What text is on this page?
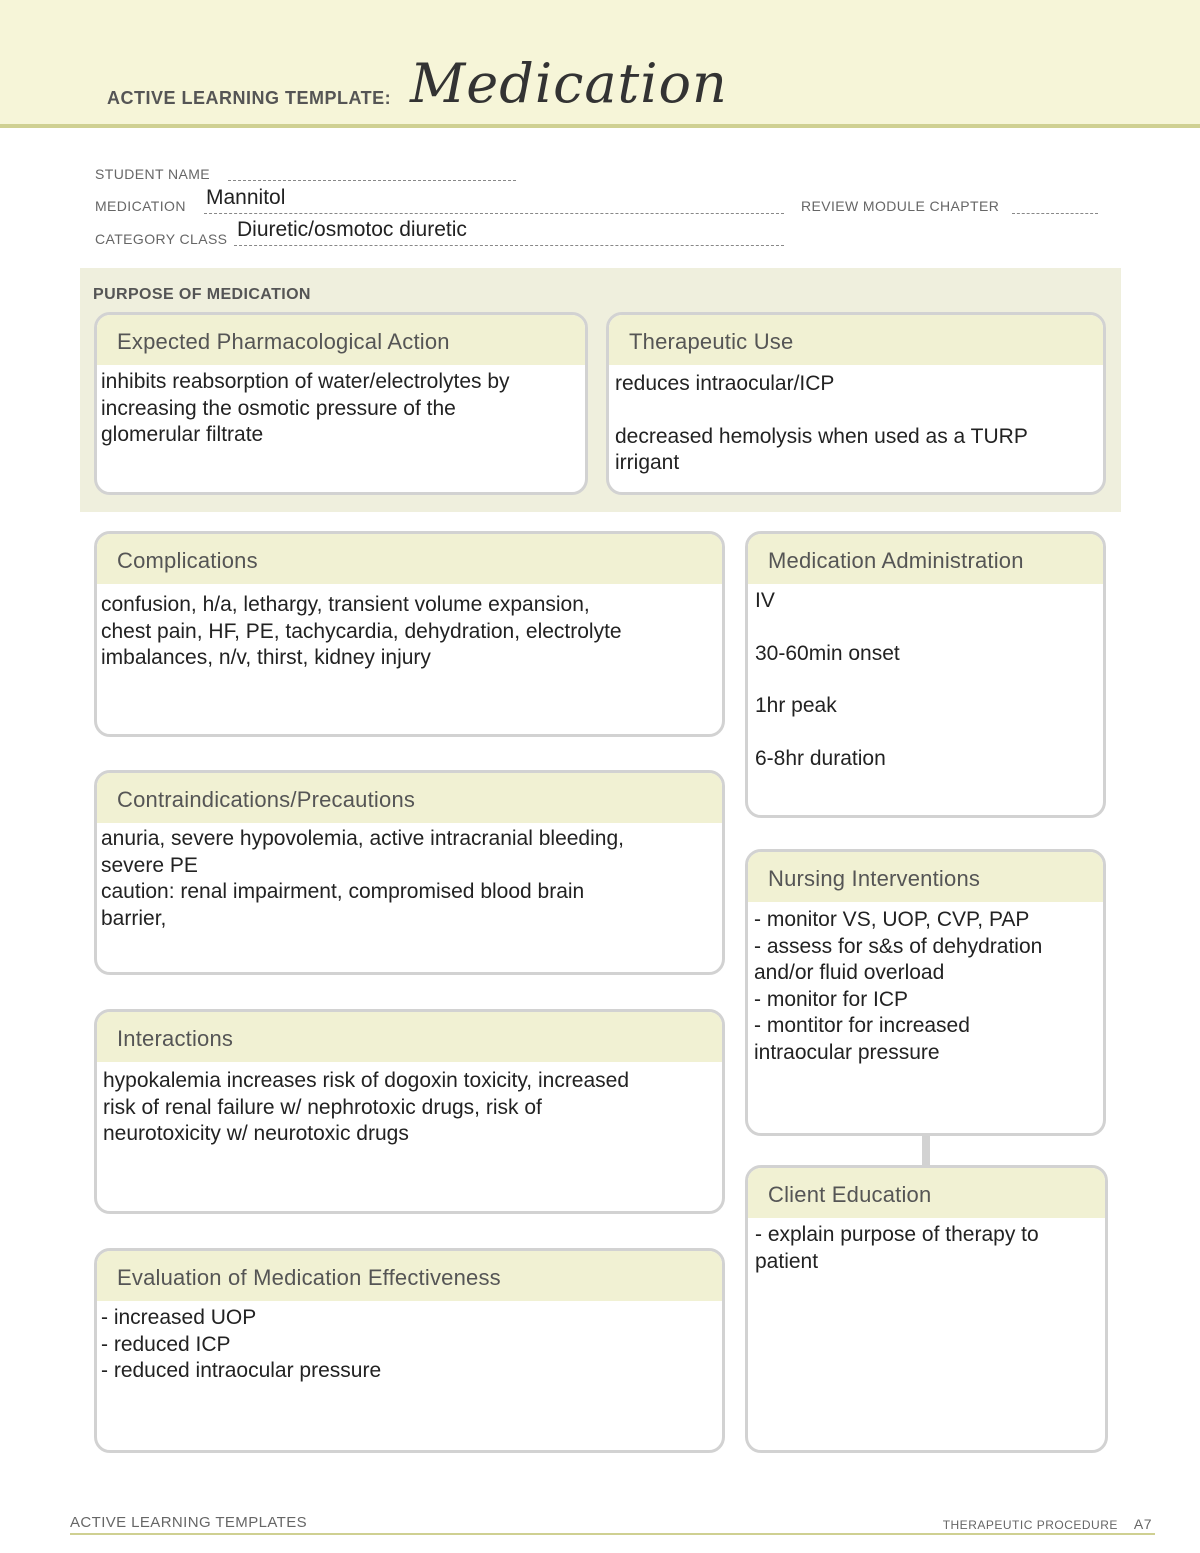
ACTIVE LEARNING TEMPLATE: Medication
STUDENT NAME
MEDICATION Mannitol	REVIEW MODULE CHAPTER
CATEGORY CLASS Diuretic/osmotoc diuretic
PURPOSE OF MEDICATION
Expected Pharmacological Action

inhibits reabsorption of water/electrolytes by

increasing the osmotic pressure of the

glomerular filtrate

Therapeutic Use

reduces intraocular/ICP

decreased hemolysis when used as a TURP

irrigant

Complications

confusion, h/a, lethargy, transient volume expansion,

chest pain, HF, PE, tachycardia, dehydration, electrolyte

imbalances, n/v, thirst, kidney injury

Contraindications/Precautions

anuria, severe hypovolemia, active intracranial bleeding,

severe PE

caution: renal impairment, compromised blood brain

barrier,

Interactions

hypokalemia increases risk of dogoxin toxicity, increased

risk of renal failure w/ nephrotoxic drugs, risk of

neurotoxicity w/ neurotoxic drugs

Evaluation of Medication Effectiveness

- increased UOP

- reduced ICP

- reduced intraocular pressure

Medication Administration

IV

30-60min onset

1hr peak

6-8hr duration

Nursing Interventions

- monitor VS, UOP, CVP, PAP

- assess for s&s of dehydration

and/or fluid overload

- monitor for ICP

- montitor for increased

intraocular pressure

Client Education

- explain purpose of therapy to

patient

ACTIVE LEARNING TEMPLATES	THERAPEUTIC PROCEDURE A7
